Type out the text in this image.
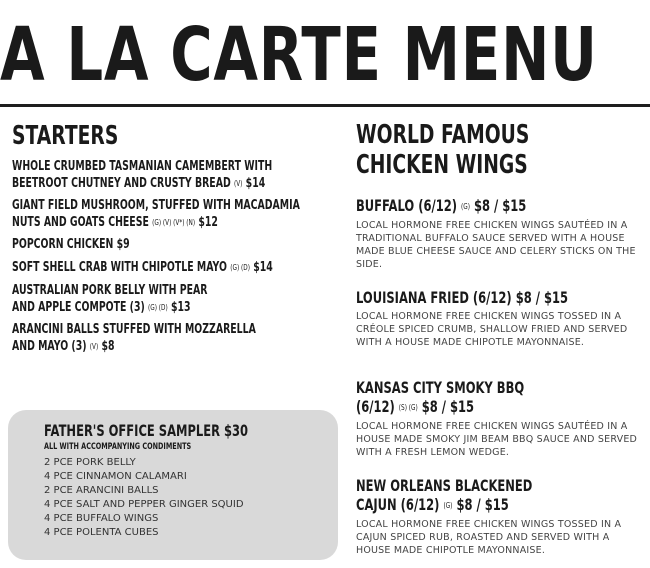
A LA CARTE MENU
STARTERS
WHOLE CRUMBED TASMANIAN CAMEMBERT WITH
BEETROOT CHUTNEY AND CRUSTY BREAD (V) $14
GIANT FIELD MUSHROOM, STUFFED WITH MACADAMIA
NUTS AND GOATS CHEESE (G) (V) (V*) (N) $12
POPCORN CHICKEN $9
SOFT SHELL CRAB WITH CHIPOTLE MAYO (G) (D) $14
AUSTRALIAN PORK BELLY WITH PEAR
AND APPLE COMPOTE (3) (G) (D) $13
ARANCINI BALLS STUFFED WITH MOZZARELLA
AND MAYO (3) (V) $8
FATHER'S OFFICE SAMPLER $30
ALL WITH ACCOMPANYING CONDIMENTS
2 PCE PORK BELLY
4 PCE CINNAMON CALAMARI
2 PCE ARANCINI BALLS
4 PCE SALT AND PEPPER GINGER SQUID
4 PCE BUFFALO WINGS
4 PCE POLENTA CUBES
WORLD FAMOUS
CHICKEN WINGS
BUFFALO (6/12) (G) $8 / $15
LOCAL HORMONE FREE CHICKEN WINGS SAUTÉED IN A TRADITIONAL BUFFALO SAUCE SERVED WITH A HOUSE MADE BLUE CHEESE SAUCE AND CELERY STICKS ON THE SIDE.
LOUISIANA FRIED (6/12) $8 / $15
LOCAL HORMONE FREE CHICKEN WINGS TOSSED IN A CRÉOLE SPICED CRUMB, SHALLOW FRIED AND SERVED WITH A HOUSE MADE CHIPOTLE MAYONNAISE.
KANSAS CITY SMOKY BBQ
(6/12) (S) (G) $8 / $15
LOCAL HORMONE FREE CHICKEN WINGS SAUTÉED IN A HOUSE MADE SMOKY JIM BEAM BBQ SAUCE AND SERVED WITH A FRESH LEMON WEDGE.
NEW ORLEANS BLACKENED
CAJUN (6/12) (G) $8 / $15
LOCAL HORMONE FREE CHICKEN WINGS TOSSED IN A CAJUN SPICED RUB, ROASTED AND SERVED WITH A HOUSE MADE CHIPOTLE MAYONNAISE.
